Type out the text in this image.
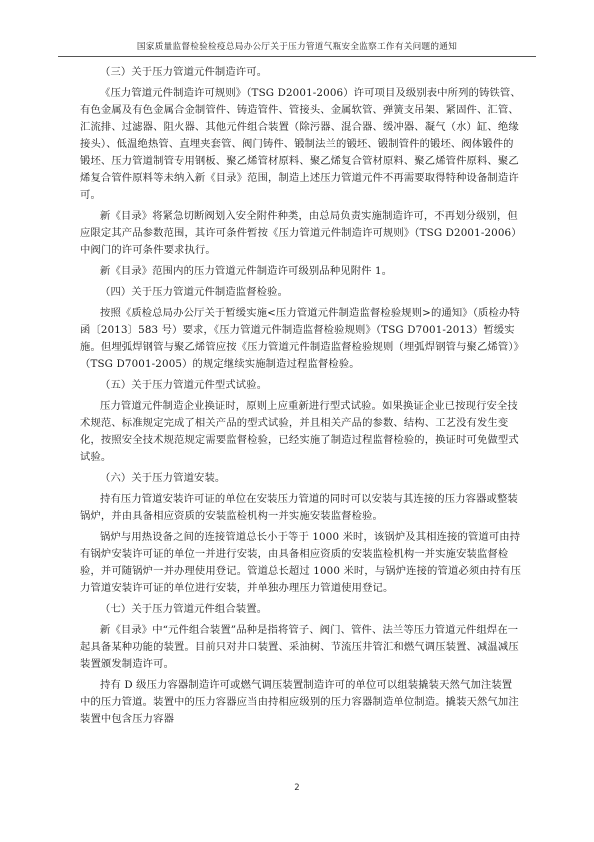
国家质量监督检验检疫总局办公厅关于压力管道气瓶安全监察工作有关问题的通知

（三）关于压力管道元件制造许可。

《压力管道元件制造许可规则》（TSG D2001-2006）许可项目及级别表中所列的铸铁管、有色金属及有色金属合金制管件、铸造管件、管接头、金属软管、弹簧支吊架、紧固件、汇管、汇流排、过滤器、阻火器、其他元件组合装置（除污器、混合器、缓冲器、凝气（水）缸、绝缘接头）、低温绝热管、直埋夹套管、阀门铸件、锻制法兰的锻坯、锻制管件的锻坯、阀体锻件的锻坯、压力管道制管专用钢板、聚乙烯管材原料、聚乙烯复合管材原料、聚乙烯管件原料、聚乙烯复合管件原料等未纳入新《目录》范围，制造上述压力管道元件不再需要取得特种设备制造许可。

新《目录》将紧急切断阀划入安全附件种类，由总局负责实施制造许可，不再划分级别，但应限定其产品参数范围，其许可条件暂按《压力管道元件制造许可规则》（TSG D2001-2006）中阀门的许可条件要求执行。

新《目录》范围内的压力管道元件制造许可级别品种见附件 1。

（四）关于压力管道元件制造监督检验。

按照《质检总局办公厅关于暂缓实施<压力管道元件制造监督检验规则>的通知》（质检办特函〔2013〕583 号）要求，《压力管道元件制造监督检验规则》（TSG D7001-2013）暂缓实施。但埋弧焊钢管与聚乙烯管应按《压力管道元件制造监督检验规则（埋弧焊钢管与聚乙烯管）》（TSG D7001-2005）的规定继续实施制造过程监督检验。

（五）关于压力管道元件型式试验。

压力管道元件制造企业换证时，原则上应重新进行型式试验。如果换证企业已按现行安全技术规范、标准规定完成了相关产品的型式试验，并且相关产品的参数、结构、工艺没有发生变化，按照安全技术规范规定需要监督检验，已经实施了制造过程监督检验的，换证时可免做型式试验。

（六）关于压力管道安装。

持有压力管道安装许可证的单位在安装压力管道的同时可以安装与其连接的压力容器或整装锅炉，并由具备相应资质的安装监检机构一并实施安装监督检验。

锅炉与用热设备之间的连接管道总长小于等于 1000 米时，该锅炉及其相连接的管道可由持有锅炉安装许可证的单位一并进行安装，由具备相应资质的安装监检机构一并实施安装监督检验，并可随锅炉一并办理使用登记。管道总长超过 1000 米时，与锅炉连接的管道必须由持有压力管道安装许可证的单位进行安装，并单独办理压力管道使用登记。

（七）关于压力管道元件组合装置。

新《目录》中“元件组合装置”品种是指将管子、阀门、管件、法兰等压力管道元件组焊在一起具备某种功能的装置。目前只对井口装置、采油树、节流压井管汇和燃气调压装置、减温减压装置颁发制造许可。

持有 D 级压力容器制造许可或燃气调压装置制造许可的单位可以组装撬装天然气加注装置中的压力管道。装置中的压力容器应当由持相应级别的压力容器制造单位制造。撬装天然气加注装置中包含压力容器

2
